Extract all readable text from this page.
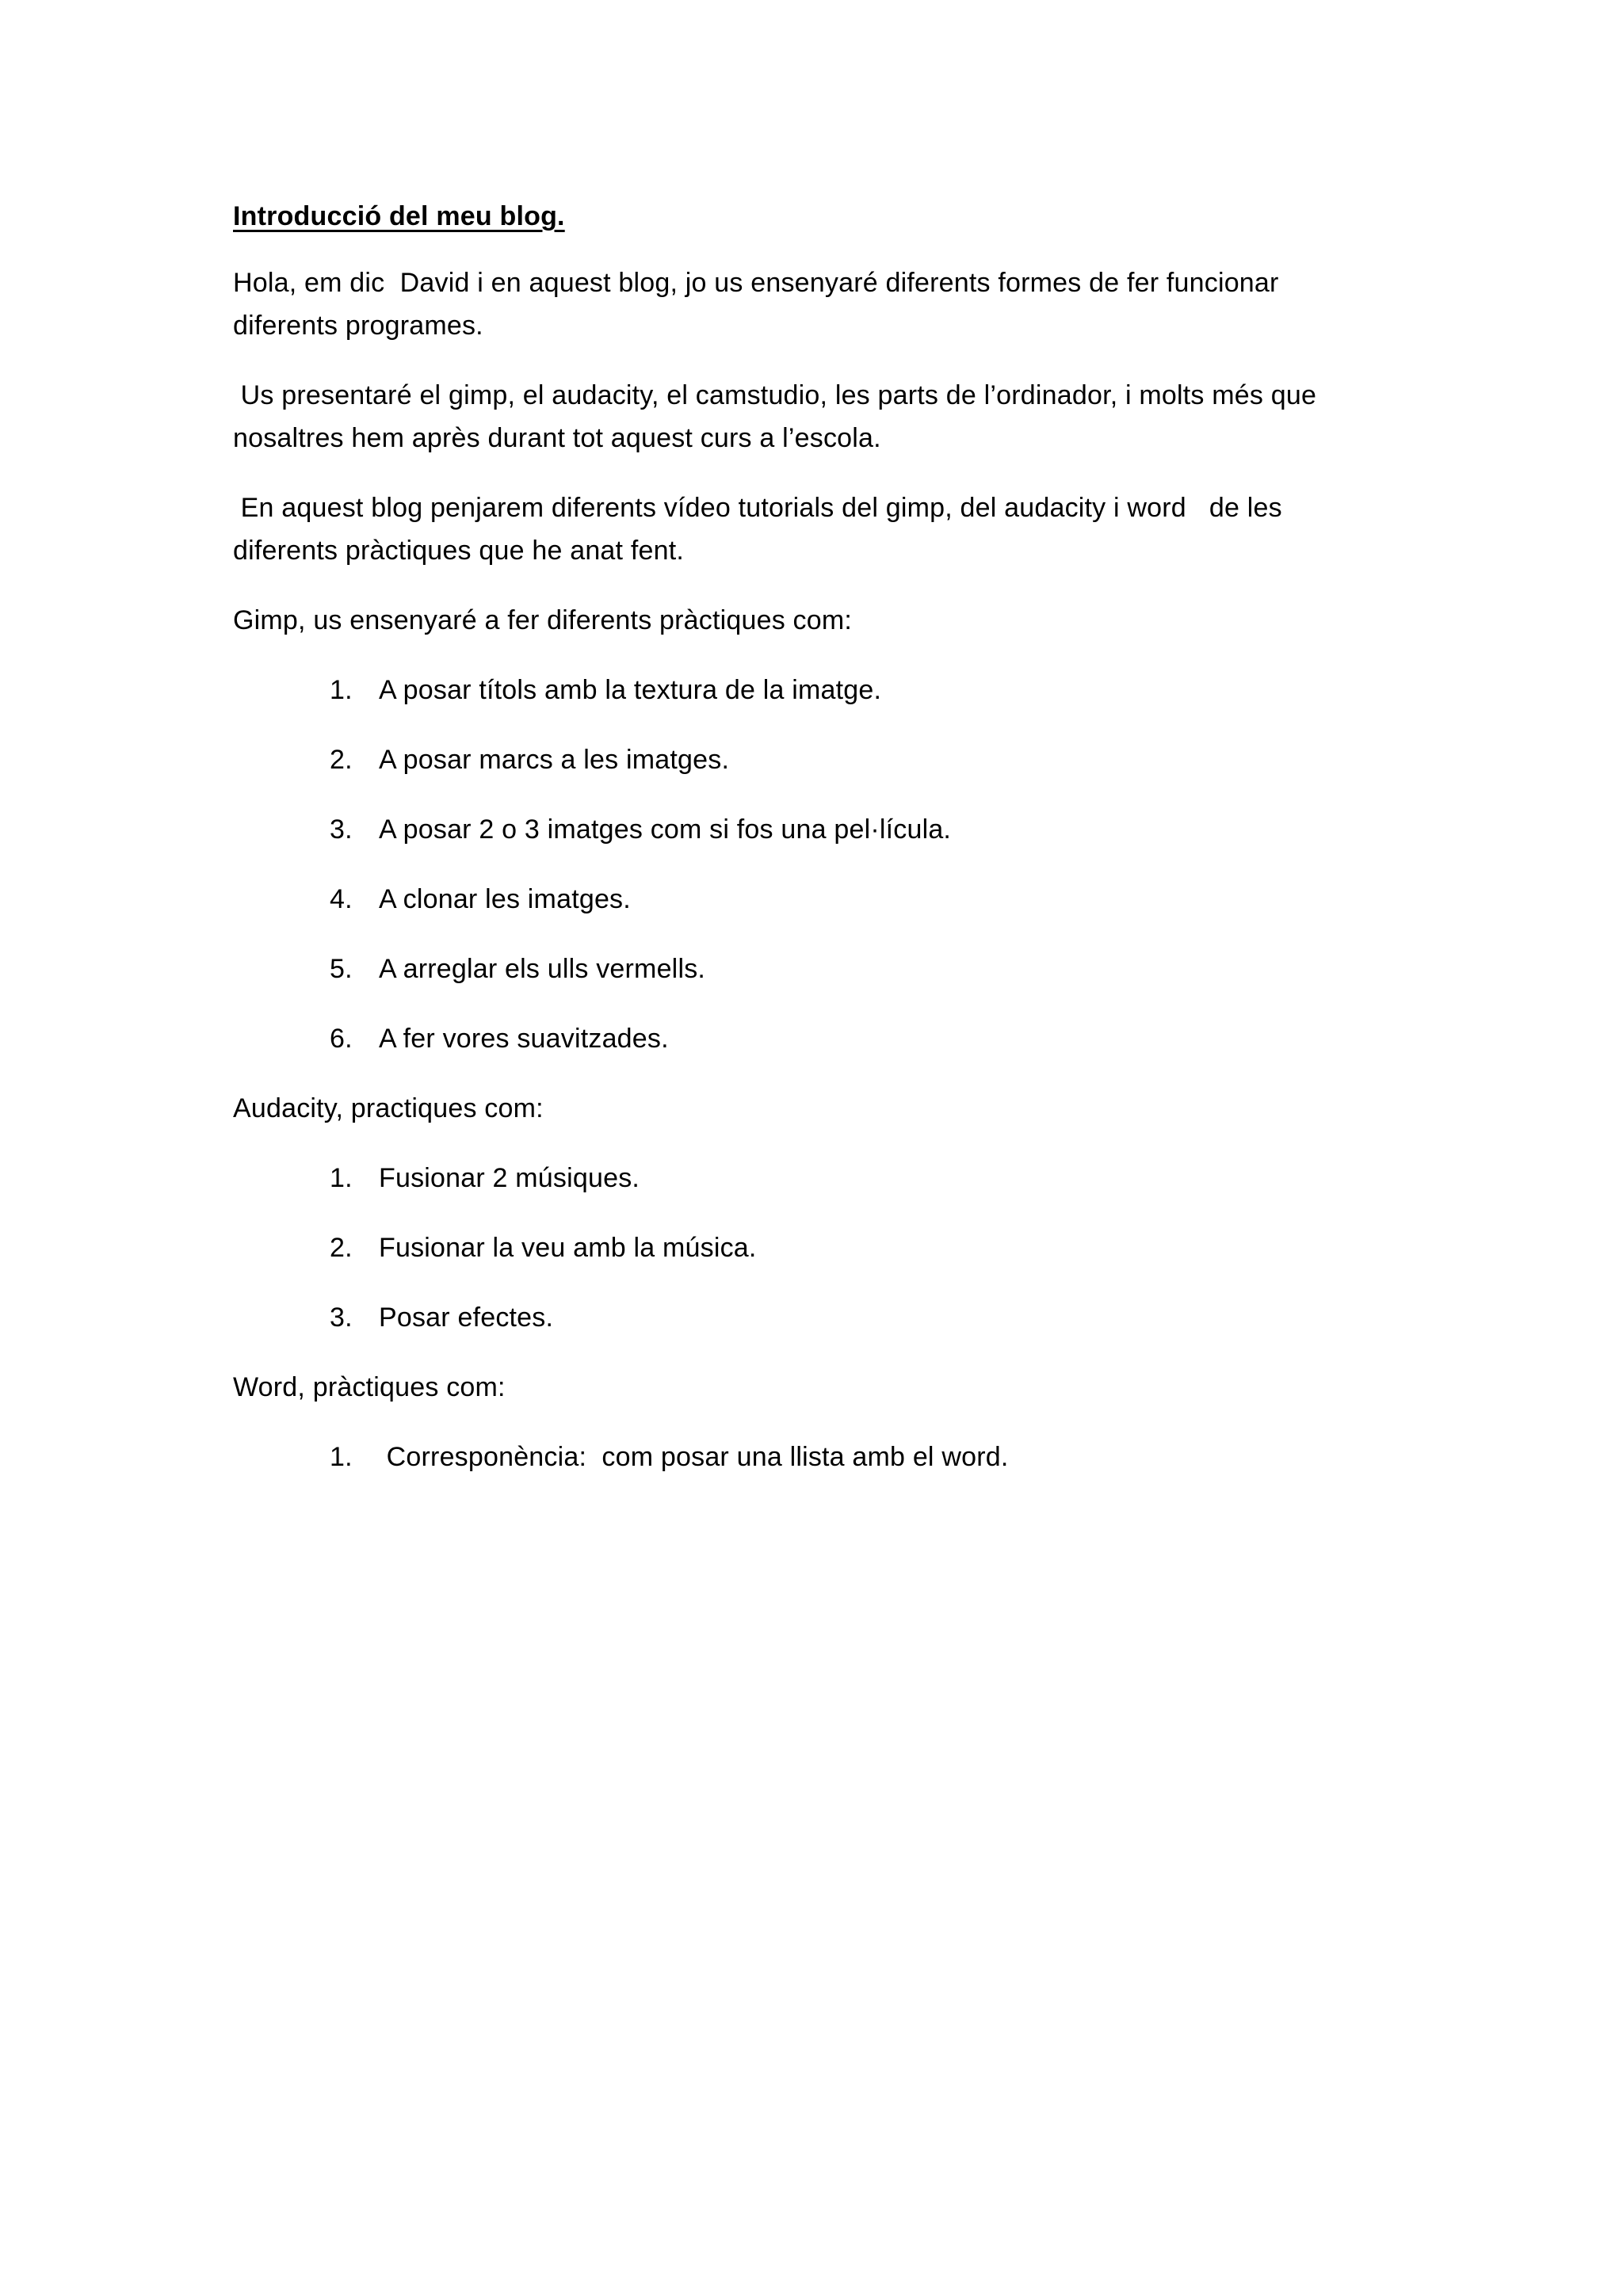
Introducció del meu blog.
Hola, em dic  David i en aquest blog, jo us ensenyaré diferents formes de fer funcionar
diferents programes.
Us presentaré el gimp, el audacity, el camstudio, les parts de l’ordinador, i molts més que
nosaltres hem après durant tot aquest curs a l’escola.
En aquest blog penjarem diferents vídeo tutorials del gimp, del audacity i word   de les
diferents pràctiques que he anat fent.
Gimp, us ensenyaré a fer diferents pràctiques com:
1. A posar títols amb la textura de la imatge.
2. A posar marcs a les imatges.
3. A posar 2 o 3 imatges com si fos una pel·lícula.
4. A clonar les imatges.
5. A arreglar els ulls vermells.
6. A fer vores suavitzades.
Audacity, practiques com:
1. Fusionar 2 músiques.
2. Fusionar la veu amb la música.
3. Posar efectes.
Word, pràctiques com:
1. Corresponència:  com posar una llista amb el word.
